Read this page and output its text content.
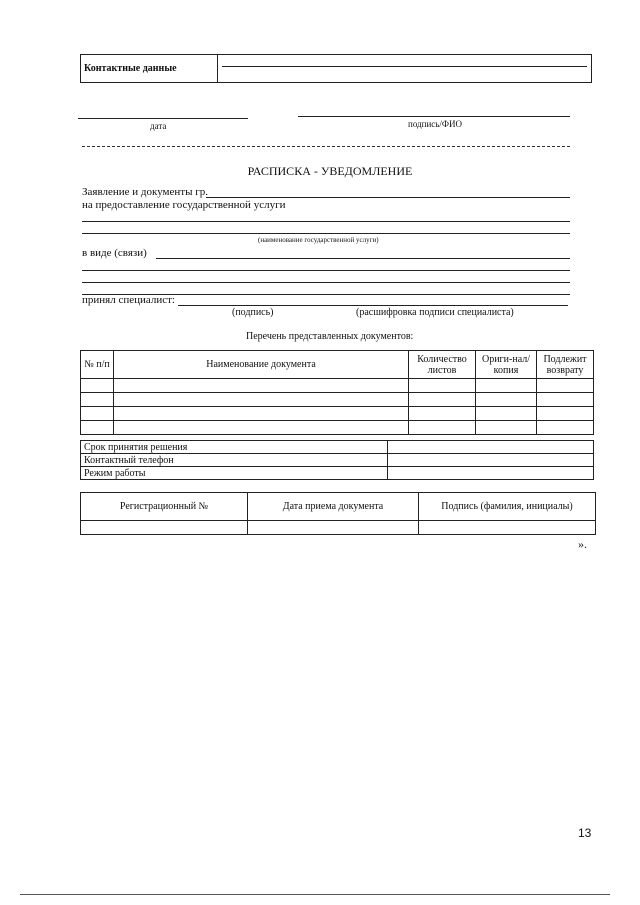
Контактные данные	
дата	подпись/ФИО
РАСПИСКА - УВЕДОМЛЕНИЕ
Заявление и документы гр.
на предоставление государственной услуги
(наименование государственной услуги)
в виде (связи)
принял специалист:
(подпись)	(расшифровка подписи специалиста)
Перечень представленных документов:
№ п/п	Наименование документа	Количество листов	Ориги-нал/копия	Подлежит возврату

Срок принятия решения	
Контактный телефон	
Режим работы	
Регистрационный №	Дата приема документа	Подпись (фамилия, инициалы)

».
13
